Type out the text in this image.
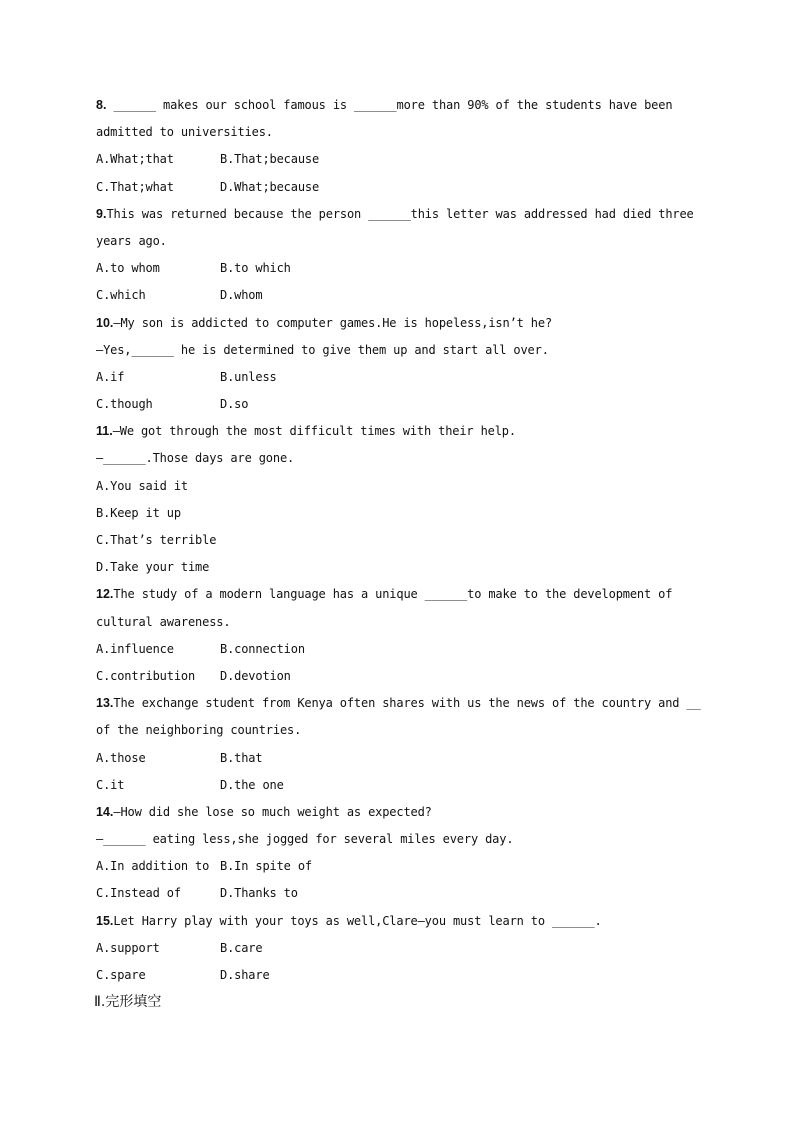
8. ______ makes our school famous is ______more than 90% of the students have been
admitted to universities.
A.What;that	B.That;because
C.That;what	D.What;because
9.This was returned because the person ______this letter was addressed had died three
years ago.
A.to whom	B.to which
C.which	D.whom
10.—My son is addicted to computer games.He is hopeless,isn’t he?
—Yes,______ he is determined to give them up and start all over.
A.if	B.unless
C.though	D.so
11.—We got through the most difficult times with their help.
—______.Those days are gone.
A.You said it
B.Keep it up
C.That’s terrible
D.Take your time
12.The study of a modern language has a unique ______to make to the development of
cultural awareness.
A.influence	B.connection
C.contribution	D.devotion
13.The exchange student from Kenya often shares with us the news of the country and __
of the neighboring countries.
A.those	B.that
C.it	D.the one
14.—How did she lose so much weight as expected?
—______ eating less,she jogged for several miles every day.
A.In addition to B.In spite of
C.Instead of	D.Thanks to
15.Let Harry play with your toys as well,Clare—you must learn to ______.
A.support	B.care
C.spare	D.share
Ⅱ.完形填空
